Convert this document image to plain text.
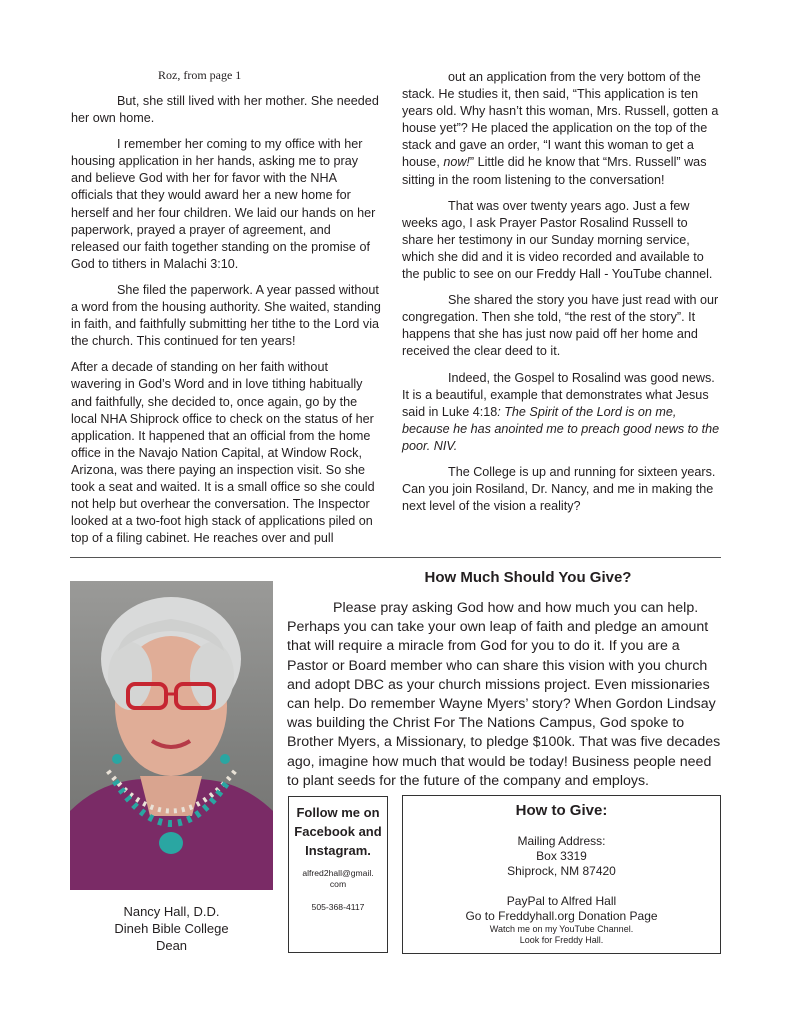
Roz, from page 1

But, she still lived with her mother. She needed her own home.

I remember her coming to my office with her housing application in her hands, asking me to pray and believe God with her for favor with the NHA officials that they would award her a new home for herself and her four children. We laid our hands on her paperwork, prayed a prayer of agreement, and released our faith together standing on the promise of God to tithers in Malachi 3:10.

She filed the paperwork. A year passed without a word from the housing authority. She waited, standing in faith, and faithfully submitting her tithe to the Lord via the church. This continued for ten years!

After a decade of standing on her faith without wavering in God’s Word and in love tithing habitually and faithfully, she decided to, once again, go by the local NHA Shiprock office to check on the status of her application. It happened that an official from the home office in the Navajo Nation Capital, at Window Rock, Arizona, was there paying an inspection visit. So she took a seat and waited. It is a small office so she could not help but overhear the conversation. The Inspector looked at a two-foot high stack of applications piled on top of a filing cabinet. He reaches over and pull

out an application from the very bottom of the stack. He studies it, then said, “This application is ten years old. Why hasn’t this woman, Mrs. Russell, gotten a house yet”? He placed the application on the top of the stack and gave an order, “I want this woman to get a house, now!” Little did he know that “Mrs. Russell” was sitting in the room listening to the conversation!

That was over twenty years ago. Just a few weeks ago, I ask Prayer Pastor Rosalind Russell to share her testimony in our Sunday morning service, which she did and it is video recorded and available to the public to see on our Freddy Hall - YouTube channel.

She shared the story you have just read with our congregation. Then she told, “the rest of the story”. It happens that she has just now paid off her home and received the clear deed to it.

Indeed, the Gospel to Rosalind was good news. It is a beautiful, example that demonstrates what Jesus said in Luke 4:18: The Spirit of the Lord is on me, because he has anointed me to preach good news to the poor. NIV.

The College is up and running for sixteen years. Can you join Rosiland, Dr. Nancy, and me in making the next level of the vision a reality?

Nancy Hall, D.D.
Dineh Bible College
Dean
How Much Should You Give?

Please pray asking God how and how much you can help. Perhaps you can take your own leap of faith and pledge an amount that will require a miracle from God for you to do it. If you are a Pastor or Board member who can share this vision with you church and adopt DBC as your church missions project. Even missionaries can help. Do remember Wayne Myers’ story? When Gordon Lindsay was building the Christ For The Nations Campus, God spoke to Brother Myers, a Missionary, to pledge $100k. That was five decades ago, imagine how much that would be today! Business people need to plant seeds for the future of the company and employs.

Follow me on
Facebook and
Instagram.
alfred2hall@gmail.
com
505-368-4117
How to Give:
Mailing Address:
Box 3319
Shiprock, NM 87420
PayPal to Alfred Hall
Go to Freddyhall.org Donation Page
Watch me on my YouTube Channel.
Look for Freddy Hall.
